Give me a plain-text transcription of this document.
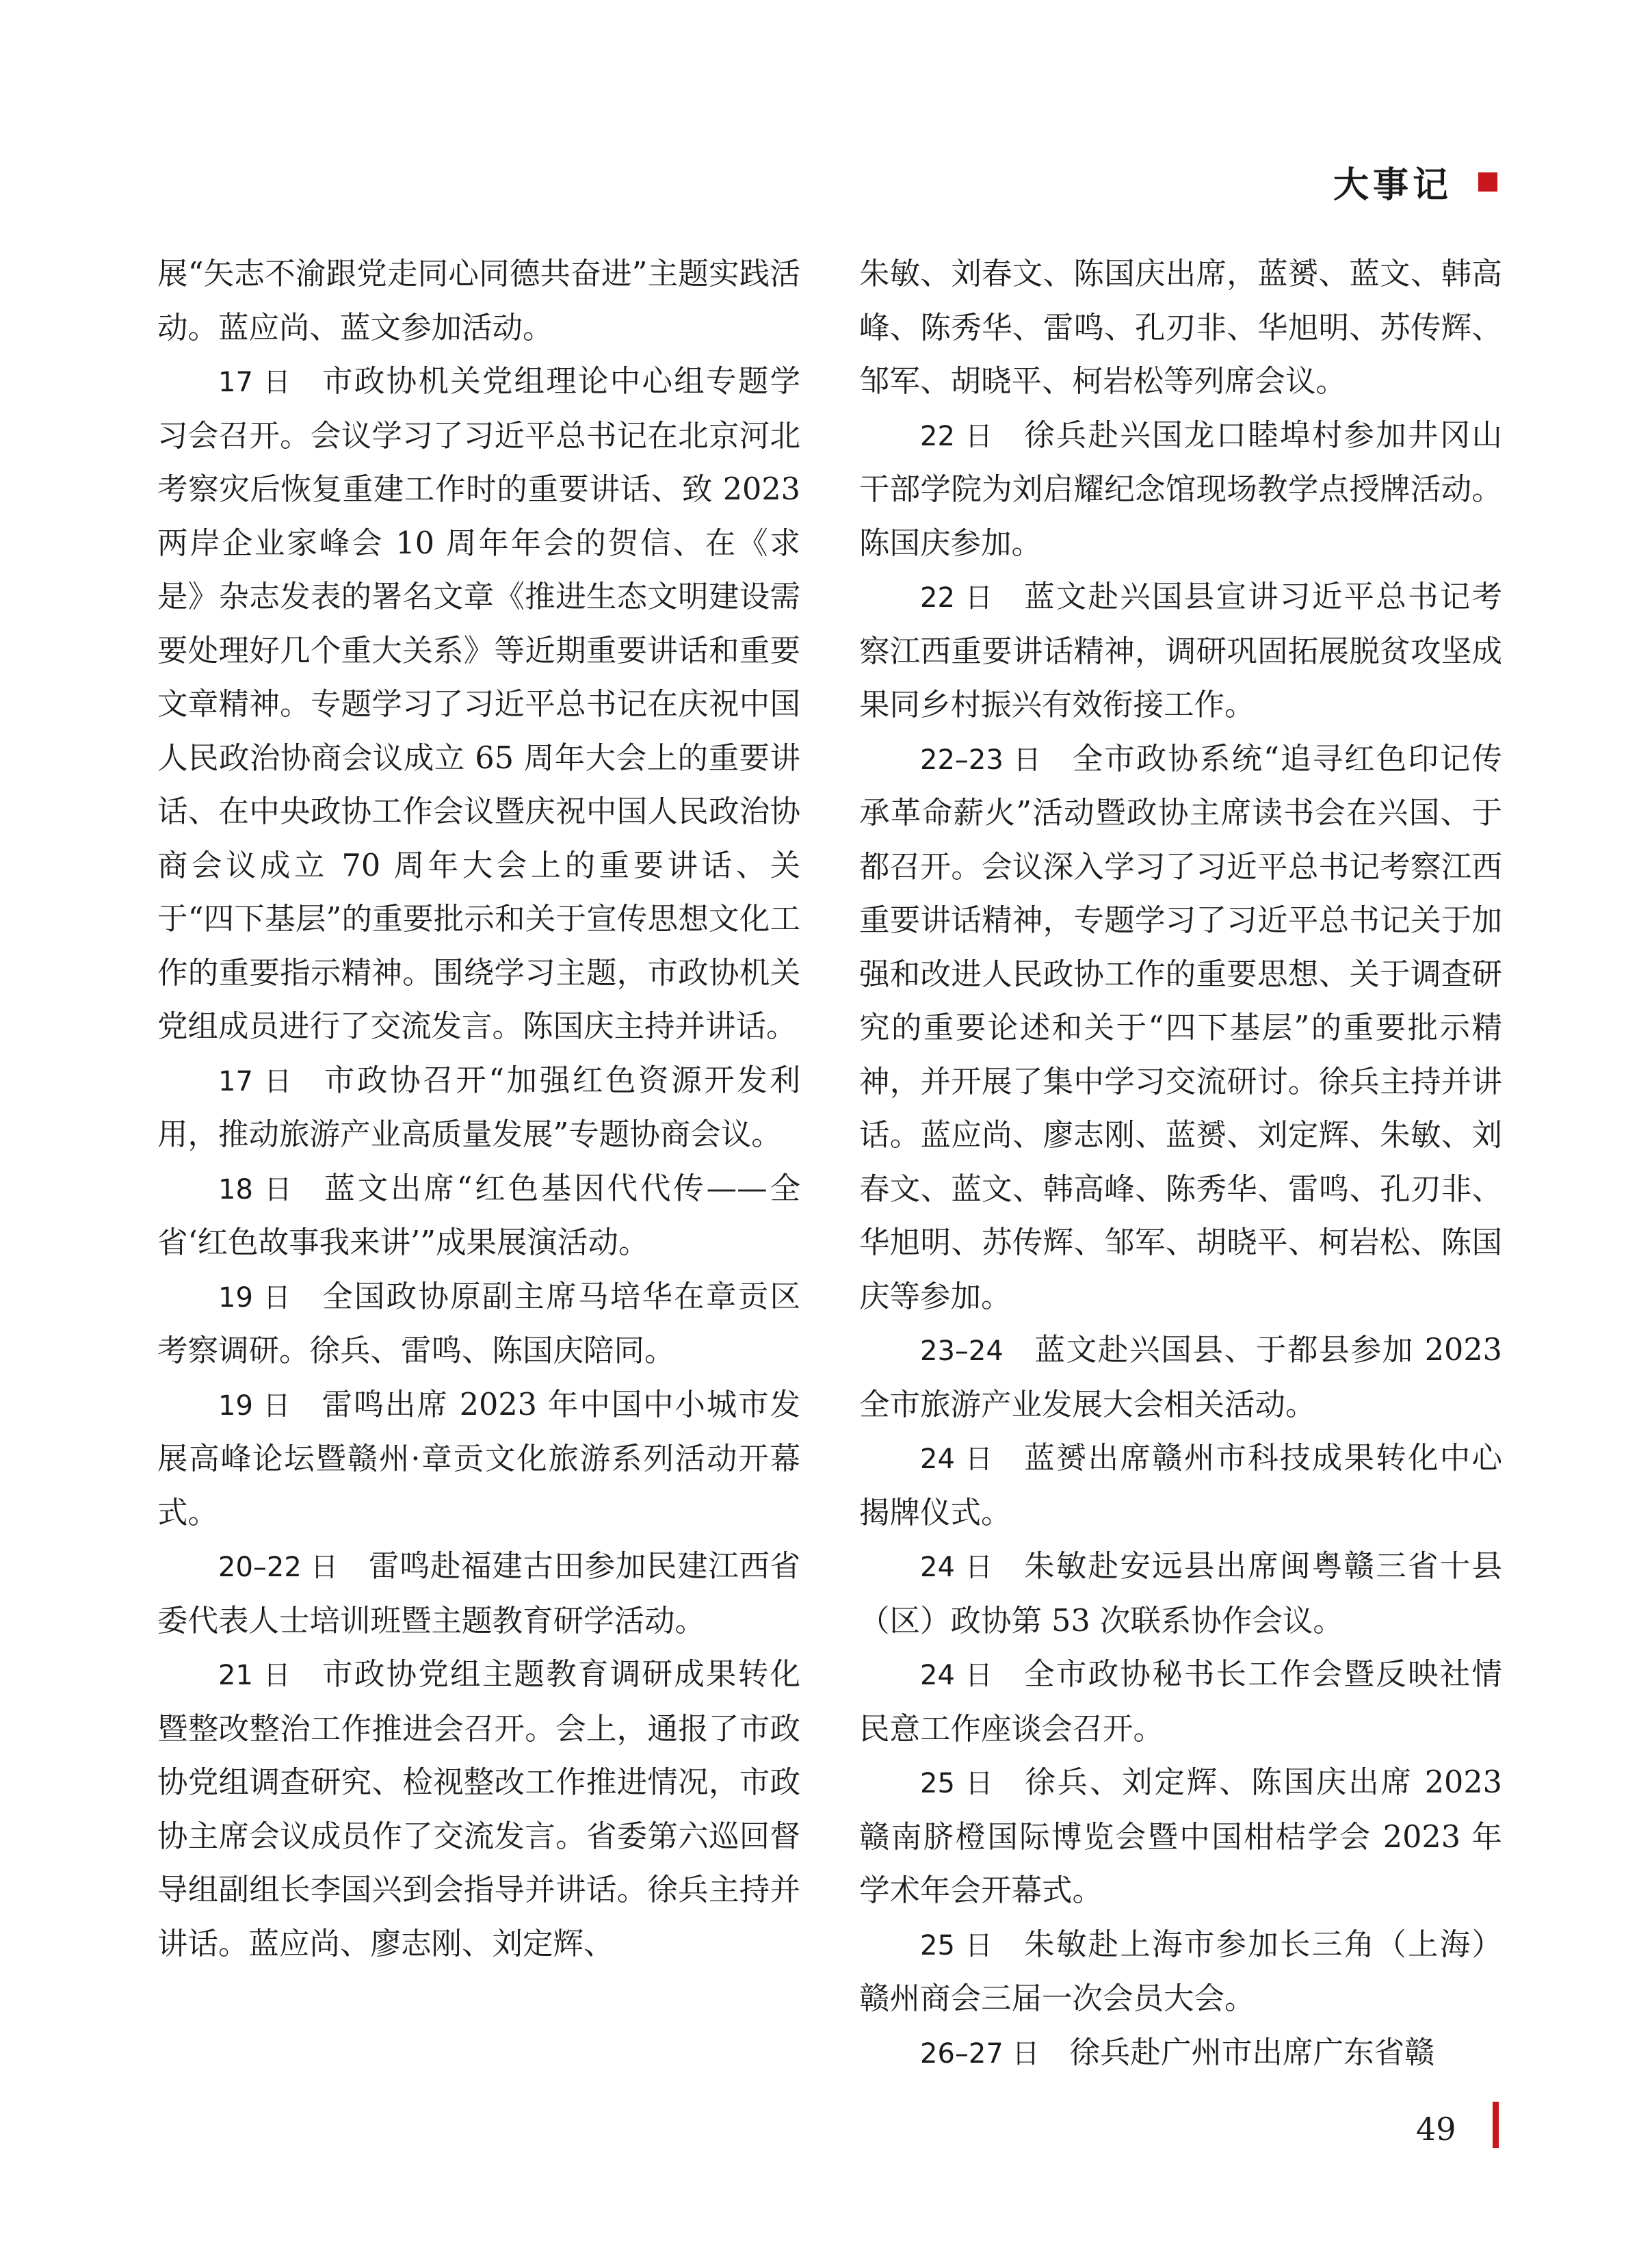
大事记

展“矢志不渝跟党走同心同德共奋进”主题实践活动。蓝应尚、蓝文参加活动。

17 日 市政协机关党组理论中心组专题学习会召开。会议学习了习近平总书记在北京河北考察灾后恢复重建工作时的重要讲话、致 2023 两岸企业家峰会 10 周年年会的贺信、在《求是》杂志发表的署名文章《推进生态文明建设需要处理好几个重大关系》等近期重要讲话和重要文章精神。专题学习了习近平总书记在庆祝中国人民政治协商会议成立 65 周年大会上的重要讲话、在中央政协工作会议暨庆祝中国人民政治协商会议成立 70 周年大会上的重要讲话、关于“四下基层”的重要批示和关于宣传思想文化工作的重要指示精神。围绕学习主题，市政协机关党组成员进行了交流发言。陈国庆主持并讲话。

17 日 市政协召开“加强红色资源开发利用，推动旅游产业高质量发展”专题协商会议。

18 日 蓝文出席“红色基因代代传——全省‘红色故事我来讲’”成果展演活动。

19 日 全国政协原副主席马培华在章贡区考察调研。徐兵、雷鸣、陈国庆陪同。

19 日 雷鸣出席 2023 年中国中小城市发展高峰论坛暨赣州·章贡文化旅游系列活动开幕式。

20–22 日 雷鸣赴福建古田参加民建江西省委代表人士培训班暨主题教育研学活动。

21 日 市政协党组主题教育调研成果转化暨整改整治工作推进会召开。会上，通报了市政协党组调查研究、检视整改工作推进情况，市政协主席会议成员作了交流发言。省委第六巡回督导组副组长李国兴到会指导并讲话。徐兵主持并讲话。蓝应尚、廖志刚、刘定辉、

朱敏、刘春文、陈国庆出席，蓝赟、蓝文、韩高峰、陈秀华、雷鸣、孔刃非、华旭明、苏传辉、邹军、胡晓平、柯岩松等列席会议。

22 日 徐兵赴兴国龙口睦埠村参加井冈山干部学院为刘启耀纪念馆现场教学点授牌活动。陈国庆参加。

22 日 蓝文赴兴国县宣讲习近平总书记考察江西重要讲话精神，调研巩固拓展脱贫攻坚成果同乡村振兴有效衔接工作。

22–23 日 全市政协系统“追寻红色印记传承革命薪火”活动暨政协主席读书会在兴国、于都召开。会议深入学习了习近平总书记考察江西重要讲话精神，专题学习了习近平总书记关于加强和改进人民政协工作的重要思想、关于调查研究的重要论述和关于“四下基层”的重要批示精神，并开展了集中学习交流研讨。徐兵主持并讲话。蓝应尚、廖志刚、蓝赟、刘定辉、朱敏、刘春文、蓝文、韩高峰、陈秀华、雷鸣、孔刃非、华旭明、苏传辉、邹军、胡晓平、柯岩松、陈国庆等参加。

23–24 蓝文赴兴国县、于都县参加 2023 全市旅游产业发展大会相关活动。

24 日 蓝赟出席赣州市科技成果转化中心揭牌仪式。

24 日 朱敏赴安远县出席闽粤赣三省十县（区）政协第 53 次联系协作会议。

24 日 全市政协秘书长工作会暨反映社情民意工作座谈会召开。

25 日 徐兵、刘定辉、陈国庆出席 2023 赣南脐橙国际博览会暨中国柑桔学会 2023 年学术年会开幕式。

25 日 朱敏赴上海市参加长三角（上海）赣州商会三届一次会员大会。

26–27 日 徐兵赴广州市出席广东省赣

49
